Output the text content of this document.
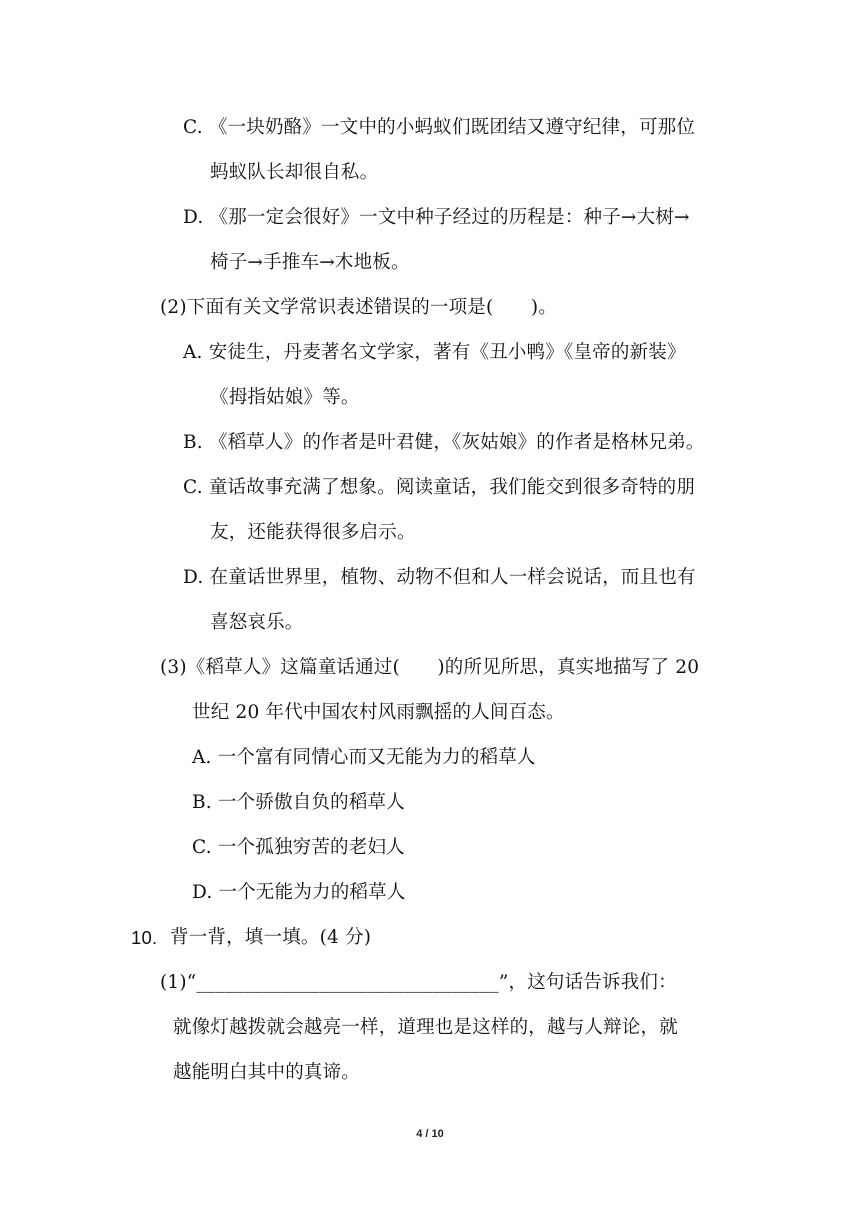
C. 《一块奶酪》一文中的小蚂蚁们既团结又遵守纪律，可那位
蚂蚁队长却很自私。
D. 《那一定会很好》一文中种子经过的历程是：种子→大树→
椅子→手推车→木地板。
(2)下面有关文学常识表述错误的一项是(　　)。
A. 安徒生，丹麦著名文学家，著有《丑小鸭》《皇帝的新装》
《拇指姑娘》等。
B. 《稻草人》的作者是叶君健，《灰姑娘》的作者是格林兄弟。
C. 童话故事充满了想象。阅读童话，我们能交到很多奇特的朋
友，还能获得很多启示。
D. 在童话世界里，植物、动物不但和人一样会说话，而且也有
喜怒哀乐。
(3)《稻草人》这篇童话通过(　　)的所见所思，真实地描写了 20
世纪 20 年代中国农村风雨飘摇的人间百态。
A. 一个富有同情心而又无能为力的稻草人
B. 一个骄傲自负的稻草人
C. 一个孤独穷苦的老妇人
D. 一个无能为力的稻草人
10. 背一背，填一填。(4 分)
(1)“________________________________”，这句话告诉我们：
就像灯越拨就会越亮一样，道理也是这样的，越与人辩论，就
越能明白其中的真谛。
4 / 10
